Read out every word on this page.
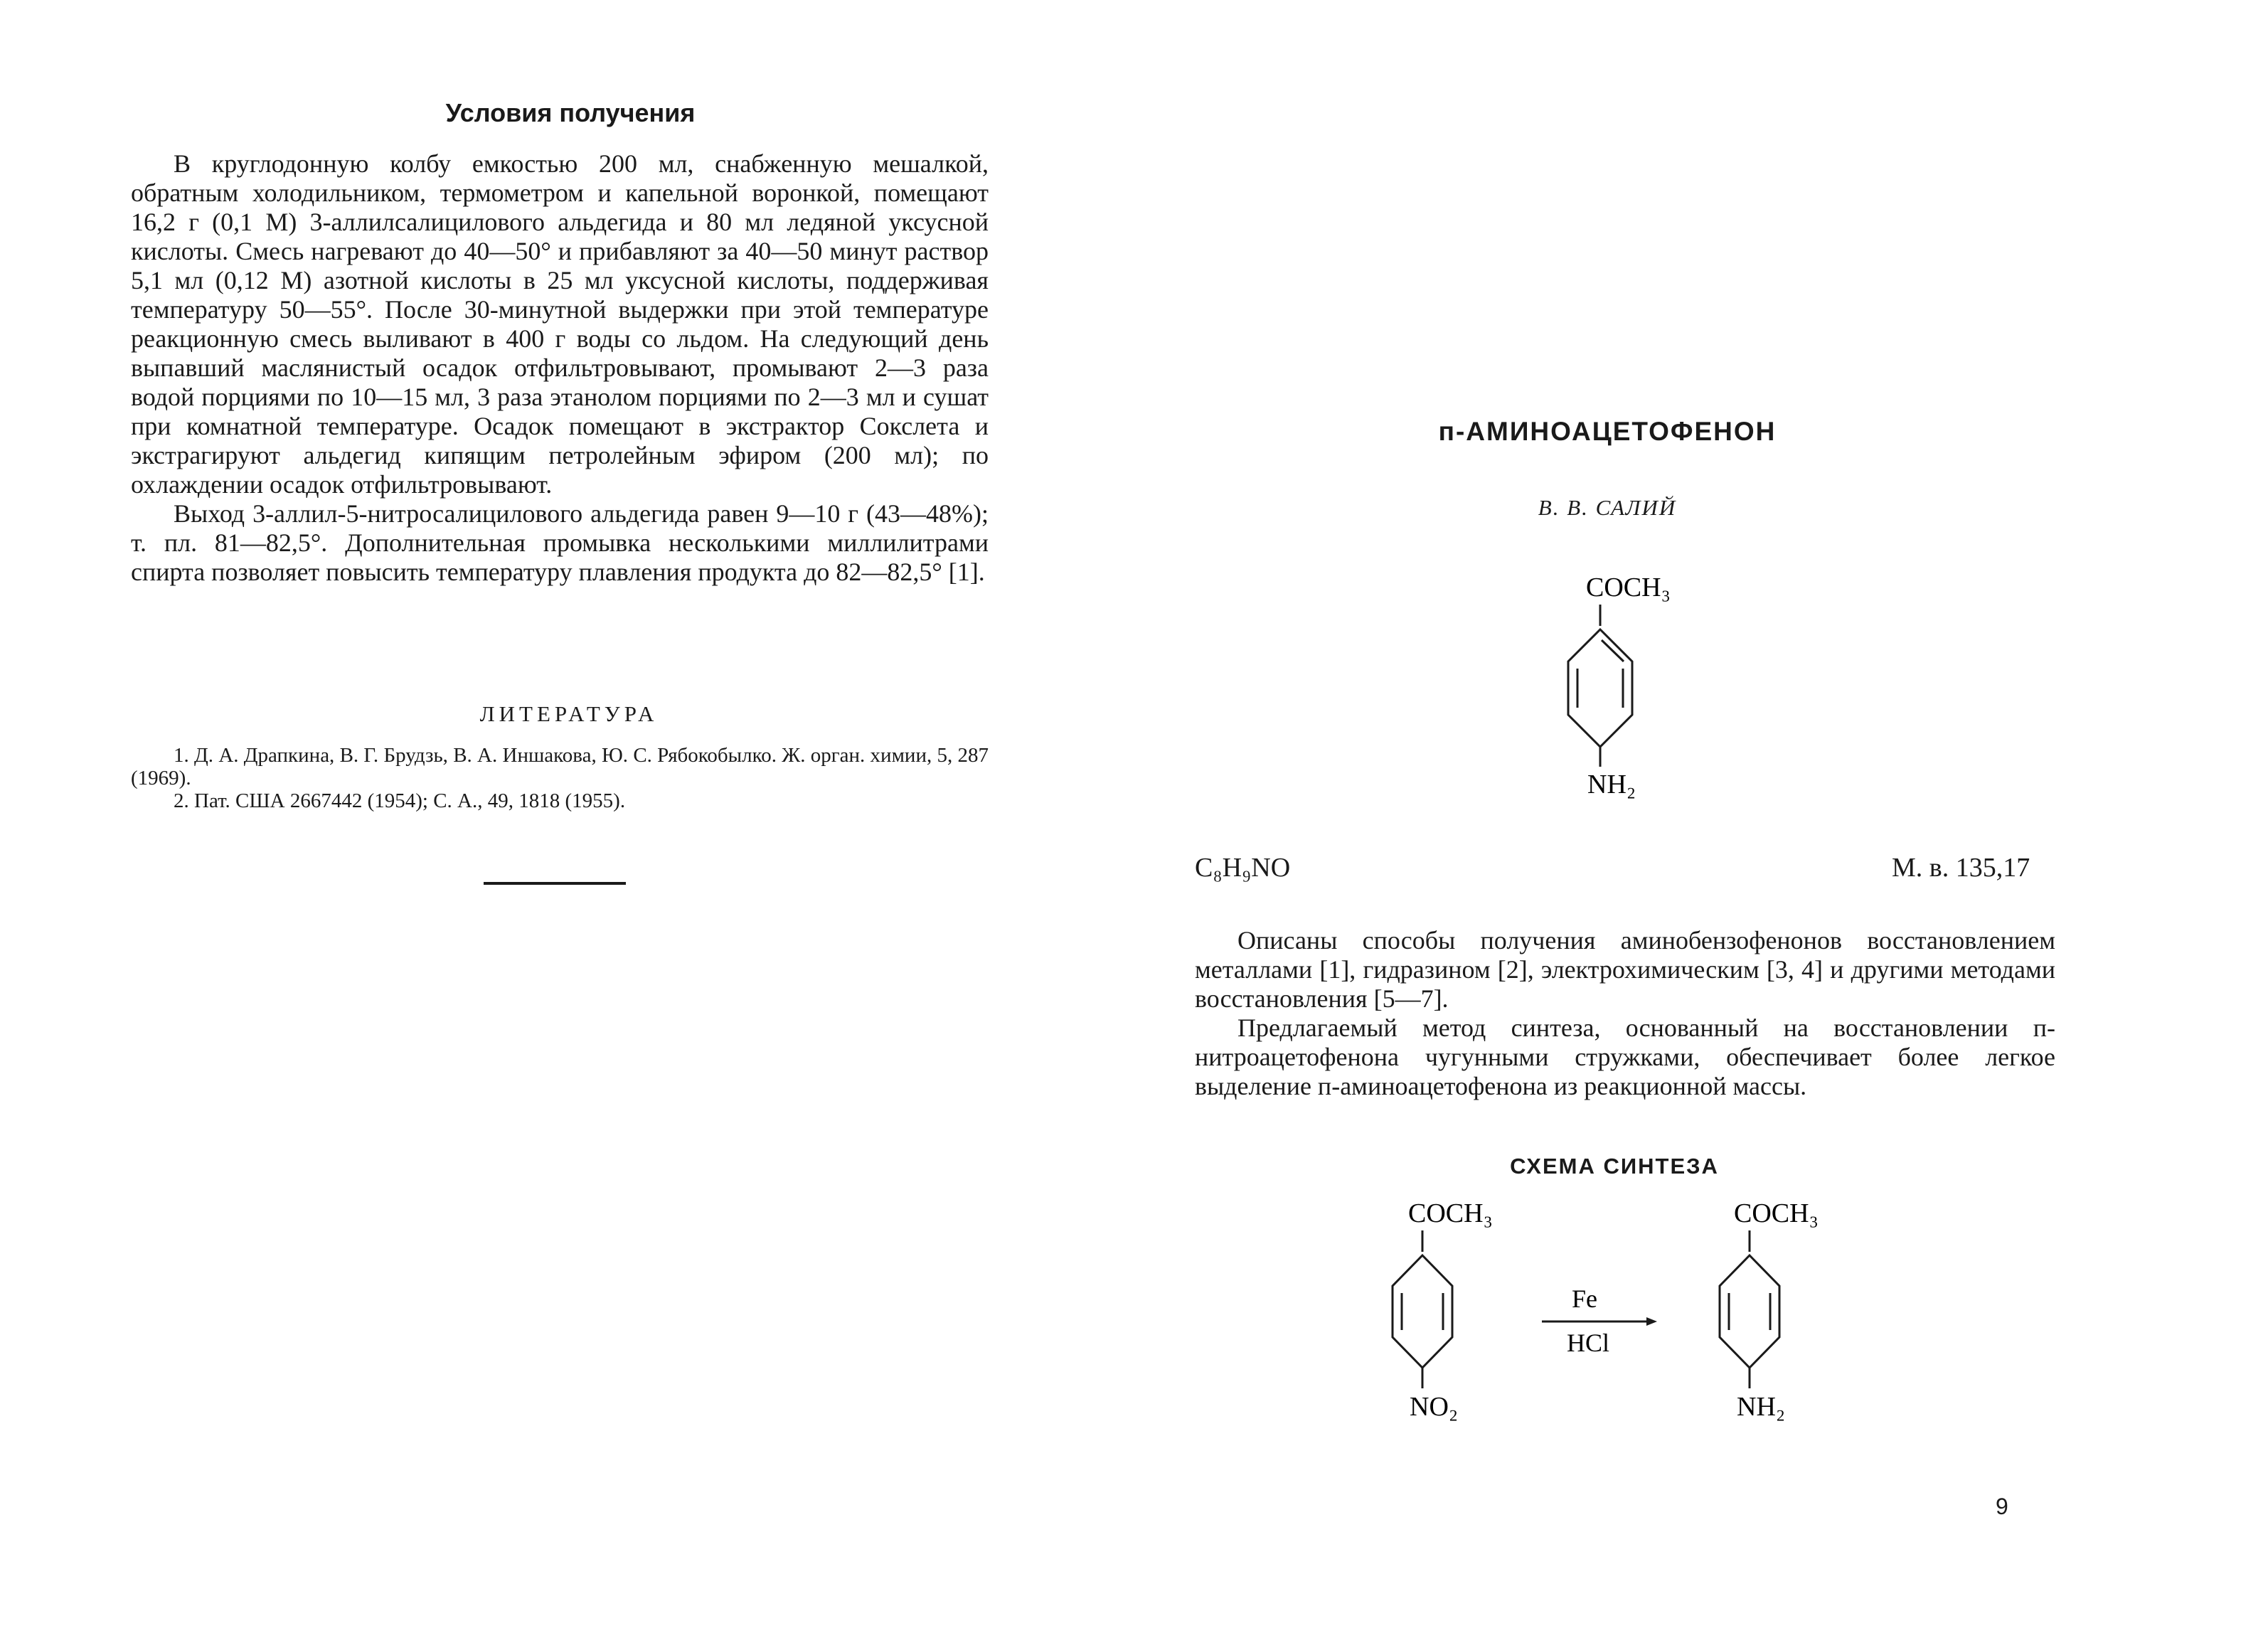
Условия получения

В круглодонную колбу емкостью 200 мл, снабженную мешалкой, обратным холодильником, термометром и капельной воронкой, помещают 16,2 г (0,1 М) 3-аллилсалицилового альдегида и 80 мл ледяной уксусной кислоты. Смесь нагревают до 40—50° и прибавляют за 40—50 минут раствор 5,1 мл (0,12 М) азотной кислоты в 25 мл уксусной кислоты, поддерживая температуру 50—55°. После 30-минутной выдержки при этой температуре реакционную смесь выливают в 400 г воды со льдом. На следующий день выпавший маслянистый осадок отфильтровывают, промывают 2—3 раза водой порциями по 10—15 мл, 3 раза этанолом порциями по 2—3 мл и сушат при комнатной температуре. Осадок помещают в экстрактор Сокслета и экстрагируют альдегид кипящим петролейным эфиром (200 мл); по охлаждении осадок отфильтровывают.

Выход 3-аллил-5-нитросалицилового альдегида равен 9—10 г (43—48%); т. пл. 81—82,5°. Дополнительная промывка несколькими миллилитрами спирта позволяет повысить температуру плавления продукта до 82—82,5° [1].

ЛИТЕРАТУРА
1. Д. А. Драпкина, В. Г. Брудзь, В. А. Иншакова, Ю. С. Рябокобылко. Ж. орган. химии, 5, 287 (1969).
2. Пат. США 2667442 (1954); С. А., 49, 1818 (1955).
п-АМИНОАЦЕТОФЕНОН
В. В. САЛИЙ
COCH₃
NH₂
C₈H₉NO	М. в. 135,17

Описаны способы получения аминобензофенонов восстановлением металлами [1], гидразином [2], электрохимическим [3, 4] и другими методами восстановления [5—7].

Предлагаемый метод синтеза, основанный на восстановлении п-нитроацетофенона чугунными стружками, обеспечивает более легкое выделение п-аминоацетофенона из реакционной массы.

СХЕМА СИНТЕЗА
COCH₃
NO₂
Fe
HCl
COCH₃
NH₂
9
